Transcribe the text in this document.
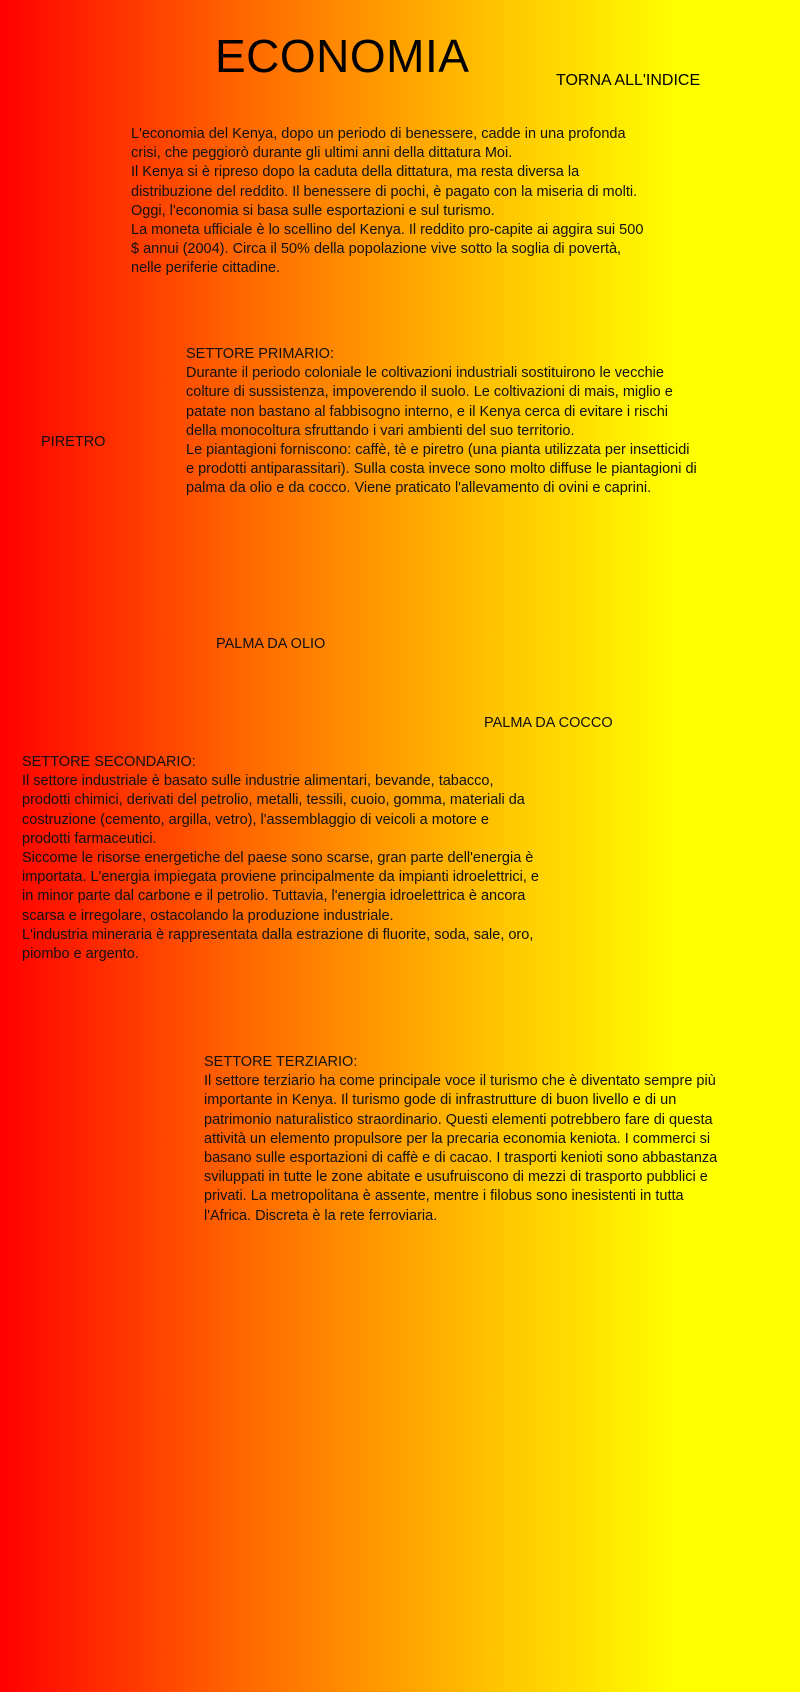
ECONOMIA	TORNA ALL'INDICE
L'economia del Kenya, dopo un periodo di benessere, cadde in una profonda
crisi, che peggiorò durante gli ultimi anni della dittatura Moi.
Il Kenya si è ripreso dopo la caduta della dittatura, ma resta diversa la
distribuzione del reddito. Il benessere di pochi, è pagato con la miseria di molti.
Oggi, l'economia si basa sulle esportazioni e sul turismo.
La moneta ufficiale è lo scellino del Kenya. Il reddito pro-capite ai aggira sui 500
$ annui (2004). Circa il 50% della popolazione vive sotto la soglia di povertà,
nelle periferie cittadine.
SETTORE PRIMARIO:
Durante il periodo coloniale le coltivazioni industriali sostituirono le vecchie
colture di sussistenza, impoverendo il suolo. Le coltivazioni di mais, miglio e
patate non bastano al fabbisogno interno, e il Kenya cerca di evitare i rischi
della monocoltura sfruttando i vari ambienti del suo territorio.
Le piantagioni forniscono: caffè, tè e piretro (una pianta utilizzata per insetticidi
e prodotti antiparassitari). Sulla costa invece sono molto diffuse le piantagioni di
palma da olio e da cocco. Viene praticato l'allevamento di ovini e caprini.
PIRETRO
PALMA DA OLIO
PALMA DA COCCO
SETTORE SECONDARIO:
Il settore industriale è basato sulle industrie alimentari, bevande, tabacco,
prodotti chimici, derivati del petrolio, metalli, tessili, cuoio, gomma, materiali da
costruzione (cemento, argilla, vetro), l'assemblaggio di veicoli a motore e
prodotti farmaceutici.
Siccome le risorse energetiche del paese sono scarse, gran parte dell'energia è
importata. L'energia impiegata proviene principalmente da impianti idroelettrici, e
in minor parte dal carbone e il petrolio. Tuttavia, l'energia idroelettrica è ancora
scarsa e irregolare, ostacolando la produzione industriale.
L'industria mineraria è rappresentata dalla estrazione di fluorite, soda, sale, oro,
piombo e argento.
SETTORE TERZIARIO:
Il settore terziario ha come principale voce il turismo che è diventato sempre più
importante in Kenya. Il turismo gode di infrastrutture di buon livello e di un
patrimonio naturalistico straordinario. Questi elementi potrebbero fare di questa
attività un elemento propulsore per la precaria economia keniota. I commerci si
basano sulle esportazioni di caffè e di cacao. I trasporti kenioti sono abbastanza
sviluppati in tutte le zone abitate e usufruiscono di mezzi di trasporto pubblici e
privati. La metropolitana è assente, mentre i filobus sono inesistenti in tutta
l'Africa. Discreta è la rete ferroviaria.
